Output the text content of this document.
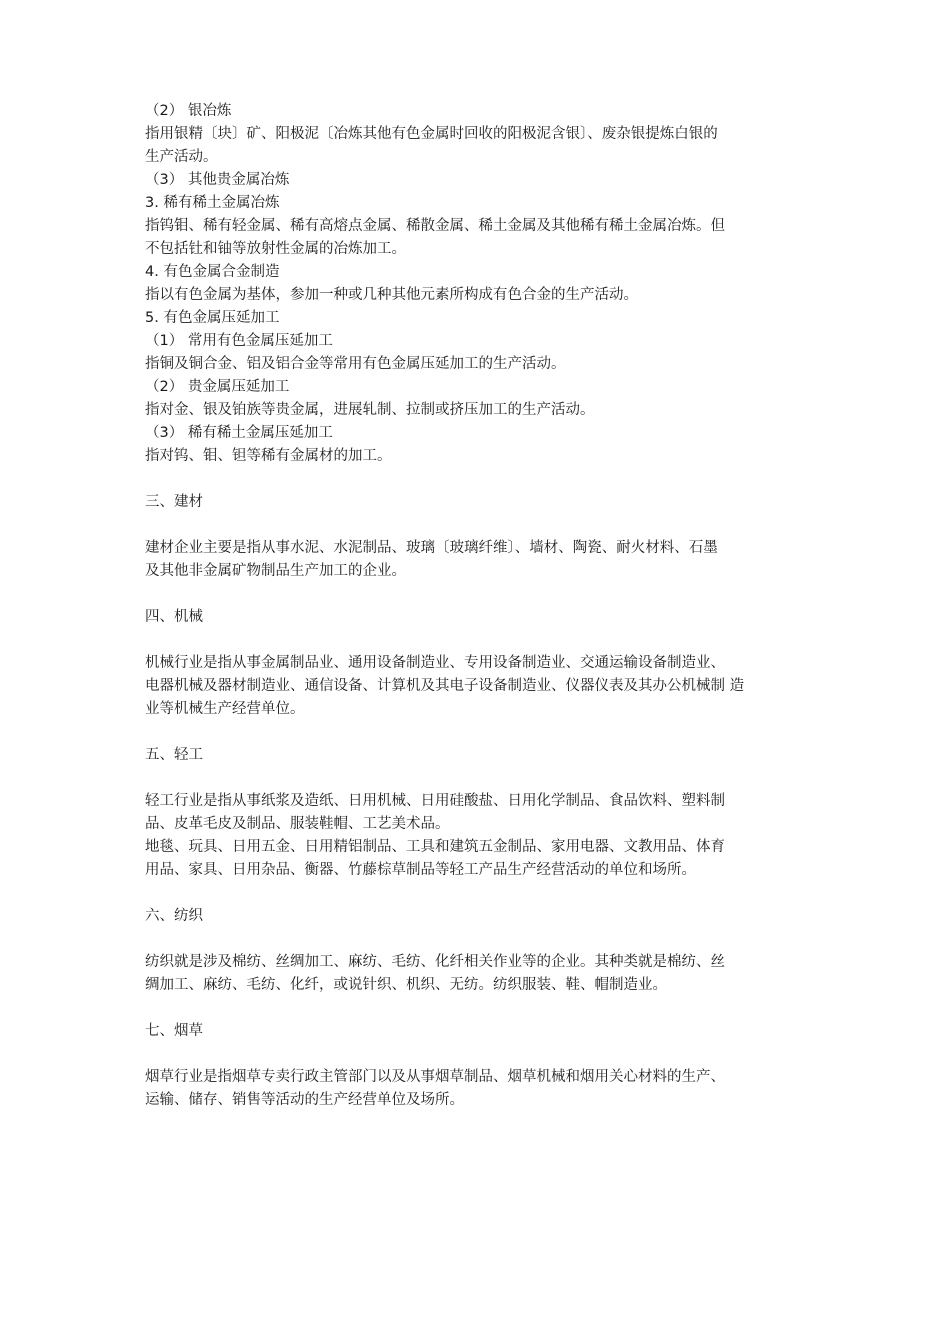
（2） 银冶炼
指用银精〔块〕矿、阳极泥〔冶炼其他有色金属时回收的阳极泥含银〕、废杂银提炼白银的
生产活动。
（3） 其他贵金属冶炼
3. 稀有稀土金属冶炼
指钨钼、稀有轻金属、稀有高熔点金属、稀散金属、稀土金属及其他稀有稀土金属冶炼。但
不包括钍和铀等放射性金属的冶炼加工。
4. 有色金属合金制造
指以有色金属为基体，参加一种或几种其他元素所构成有色合金的生产活动。
5. 有色金属压延加工
（1） 常用有色金属压延加工
指铜及铜合金、铝及铝合金等常用有色金属压延加工的生产活动。
（2） 贵金属压延加工
指对金、银及铂族等贵金属，进展轧制、拉制或挤压加工的生产活动。
（3） 稀有稀土金属压延加工
指对钨、钼、钽等稀有金属材的加工。
三、建材
建材企业主要是指从事水泥、水泥制品、玻璃〔玻璃纤维〕、墙材、陶瓷、耐火材料、石墨
及其他非金属矿物制品生产加工的企业。
四、机械
机械行业是指从事金属制品业、通用设备制造业、专用设备制造业、交通运输设备制造业、
电器机械及器材制造业、通信设备、计算机及其电子设备制造业、仪器仪表及其办公机械制 造
业等机械生产经营单位。
五、轻工
轻工行业是指从事纸浆及造纸、日用机械、日用硅酸盐、日用化学制品、食品饮料、塑料制
品、皮革毛皮及制品、服装鞋帽、工艺美术品。
地毯、玩具、日用五金、日用精铝制品、工具和建筑五金制品、家用电器、文教用品、体育
用品、家具、日用杂品、衡器、竹藤棕草制品等轻工产品生产经营活动的单位和场所。
六、纺织
纺织就是涉及棉纺、丝绸加工、麻纺、毛纺、化纤相关作业等的企业。其种类就是棉纺、丝
绸加工、麻纺、毛纺、化纤，或说针织、机织、无纺。纺织服装、鞋、帽制造业。
七、烟草
烟草行业是指烟草专卖行政主管部门以及从事烟草制品、烟草机械和烟用关心材料的生产、
运输、储存、销售等活动的生产经营单位及场所。
